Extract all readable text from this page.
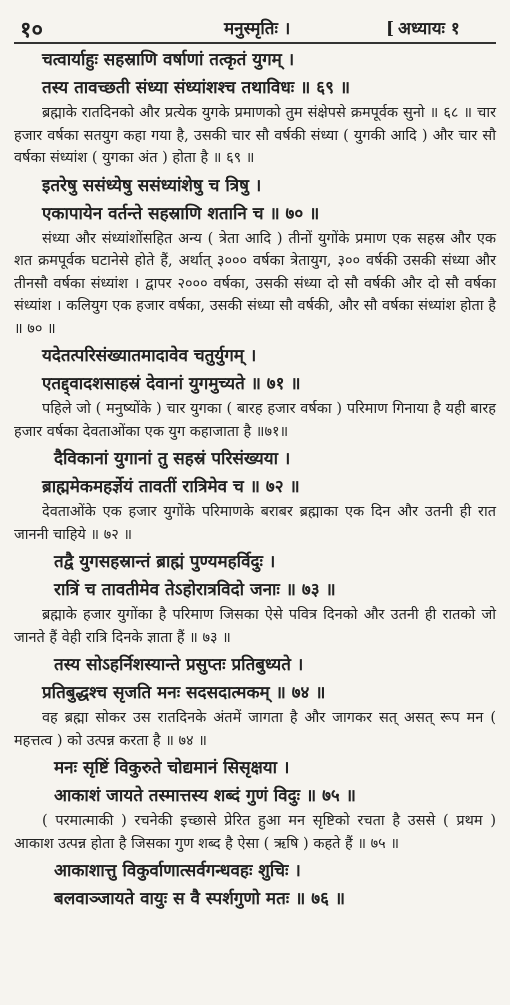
१०	मनुस्मृतिः ।
[	अध्यायः १
चत्वार्याहुः सहस्राणि वर्षाणां तत्कृतं युगम् ।
तस्य तावच्छती संध्या संध्यांशश्च तथाविधः ॥ ६९ ॥

ब्रह्माके रातदिनको और प्रत्येक युगके प्रमाणको तुम संक्षेपसे क्रमपूर्वक सुनो ॥ ६८ ॥ चार हजार वर्षका सतयुग कहा गया है, उसकी चार सौ वर्षकी संध्या ( युगकी आदि ) और चार सौ वर्षका संध्यांश ( युगका अंत ) होता है ॥ ६९ ॥

इतरेषु ससंध्येषु ससंध्यांशेषु च त्रिषु ।
एकापायेन वर्तन्ते सहस्राणि शतानि च ॥ ७० ॥

संध्या और संध्यांशोंसहित अन्य ( त्रेता आदि ) तीनों युगोंके प्रमाण एक सहस्र और एक शत क्रमपूर्वक घटानेसे होते हैं, अर्थात् ३००० वर्षका त्रेतायुग, ३०० वर्षकी उसकी संध्या और तीनसौ वर्षका संध्यांश । द्वापर २००० वर्षका, उसकी संध्या दो सौ वर्षकी और दो सौ वर्षका संध्यांश । कलियुग एक हजार वर्षका, उसकी संध्या सौ वर्षकी, और सौ वर्षका संध्यांश होता है ॥ ७० ॥

यदेतत्परिसंख्यातमादावेव चतुर्युगम् ।
एतद्द्वादशसाहस्रं देवानां युगमुच्यते ॥ ७१ ॥

पहिले जो ( मनुष्योंके ) चार युगका ( बारह हजार वर्षका ) परिमाण गिनाया है यही बारह हजार वर्षका देवताओंका एक युग कहाजाता है ॥७१॥

दैविकानां युगानां तु सहस्रं परिसंख्यया ।
ब्राह्ममेकमहर्ज्ञेयं तावतीं रात्रिमेव च ॥ ७२ ॥

देवताओंके एक हजार युगोंके परिमाणके बराबर ब्रह्माका एक दिन और उतनी ही रात जाननी चाहिये ॥ ७२ ॥

तद्वै युगसहस्रान्तं ब्राह्मं पुण्यमहर्विदुः ।
रात्रिं च तावतीमेव तेऽहोरात्रविदो जनाः ॥ ७३ ॥

ब्रह्माके हजार युगोंका है परिमाण जिसका ऐसे पवित्र दिनको और उतनी ही रातको जो जानते हैं वेही रात्रि दिनके ज्ञाता हैं ॥ ७३ ॥

तस्य सोऽहर्निशस्यान्ते प्रसुप्तः प्रतिबुध्यते ।
प्रतिबुद्धश्च सृजति मनः सदसदात्मकम् ॥ ७४ ॥

वह ब्रह्मा सोकर उस रातदिनके अंतमें जागता है और जागकर सत् असत् रूप मन ( महत्तत्व ) को उत्पन्न करता है ॥ ७४ ॥

मनः सृष्टिं विकुरुते चोद्यमानं सिसृक्षया ।
आकाशं जायते तस्मात्तस्य शब्दं गुणं विदुः ॥ ७५ ॥

( परमात्माकी ) रचनेकी इच्छासे प्रेरित हुआ मन सृष्टिको रचता है उससे ( प्रथम ) आकाश उत्पन्न होता है जिसका गुण शब्द है ऐसा ( ऋषि ) कहते हैं ॥ ७५ ॥

आकाशात्तु विकुर्वाणात्सर्वगन्धवहः शुचिः ।
बलवाञ्जायते वायुः स वै स्पर्शगुणो मतः ॥ ७६ ॥
